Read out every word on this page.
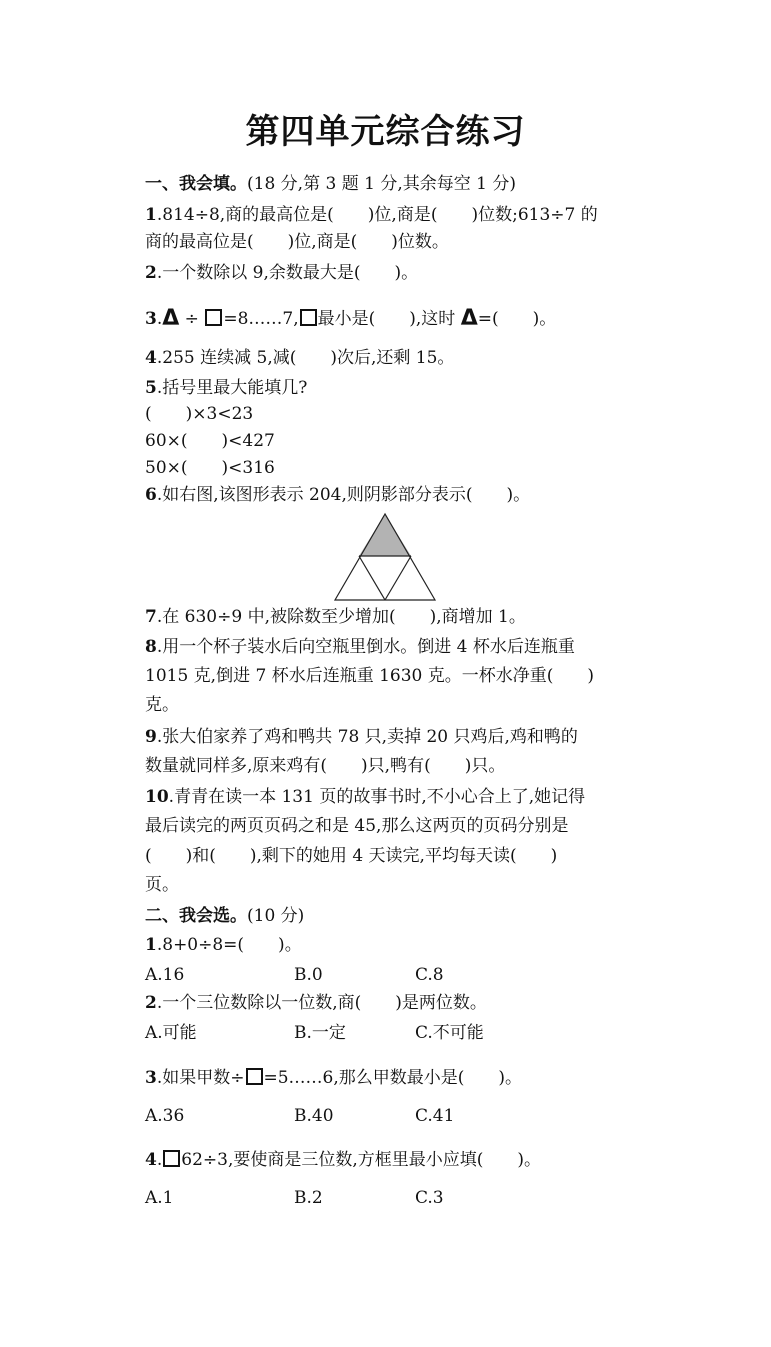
第四单元综合练习
一、我会填。(18 分,第 3 题 1 分,其余每空 1 分)
1.814÷8,商的最高位是(　　)位,商是(　　)位数;613÷7 的
商的最高位是(　　)位,商是(　　)位数。
2.一个数除以 9,余数最大是(　　)。
3.Δ ÷ =8……7, 最小是(　　),这时 Δ=(　　)。
4.255 连续减 5,减(　　)次后,还剩 15。
5.括号里最大能填几?
(　　)×3<23
60×(　　)<427
50×(　　)<316
6.如右图,该图形表示 204,则阴影部分表示(　　)。
7.在 630÷9 中,被除数至少增加(　　),商增加 1。
8.用一个杯子装水后向空瓶里倒水。倒进 4 杯水后连瓶重
1015 克,倒进 7 杯水后连瓶重 1630 克。一杯水净重(　　)
克。
9.张大伯家养了鸡和鸭共 78 只,卖掉 20 只鸡后,鸡和鸭的
数量就同样多,原来鸡有(　　)只,鸭有(　　)只。
10.青青在读一本 131 页的故事书时,不小心合上了,她记得
最后读完的两页页码之和是 45,那么这两页的页码分别是
(　　)和(　　),剩下的她用 4 天读完,平均每天读(　　)
页。
二、我会选。(10 分)
1.8+0÷8=(　　)。
A.16	B.0	C.8
2.一个三位数除以一位数,商(　　)是两位数。
A.可能	B.一定	C.不可能
3.如果甲数÷ =5……6,那么甲数最小是(　　)。
A.36	B.40	C.41
4. 62÷3,要使商是三位数,方框里最小应填(　　)。
A.1	B.2	C.3
